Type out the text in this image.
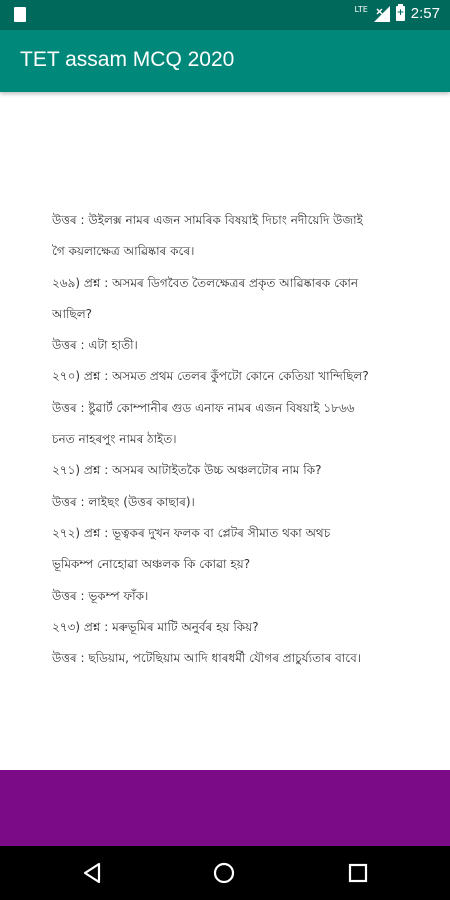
LTE	+ 2:57
TET assam MCQ 2020

উত্তৰ : উইলক্স নামৰ এজন সামৰিক বিষয়াই দিচাং নদীয়েদি উজাই

গৈ কয়লাক্ষেত্ৰ আৱিষ্কাৰ কৰে।

২৬৯) প্ৰশ্ন : অসমৰ ডিগবৈত তৈলক্ষেত্ৰৰ প্ৰকৃত আৱিষ্কাৰক কোন

আছিল?

উত্তৰ : এটা হাতী।

২৭০) প্ৰশ্ন : অসমত প্ৰথম তেলৰ কুঁপটো কোনে কেতিয়া খান্দিছিল?

উত্তৰ : ষ্টুৱাৰ্ট কোম্পানীৰ গুড এনাফ নামৰ এজন বিষয়াই ১৮৬৬

চনত নাহৰপুং নামৰ ঠাইত।

২৭১) প্ৰশ্ন : অসমৰ আটাইতকৈ উচ্চ অঞ্চলটোৰ নাম কি?

উত্তৰ : লাইছং (উত্তৰ কাছাৰ)।

২৭২) প্ৰশ্ন : ভূত্বকৰ দুখন ফলক বা প্লেটৰ সীমাত থকা অথচ

ভূমিকম্প নোহোৱা অঞ্চলক কি কোৱা হয়?

উত্তৰ : ভূকম্প ফাঁক।

২৭৩) প্ৰশ্ন : মৰুভূমিৰ মাটি অনুৰ্বৰ হয় কিয়?

উত্তৰ : ছডিয়াম, পটেছিয়াম আদি ধাৰধৰ্মী যৌগৰ প্ৰাচুৰ্য্যতাৰ বাবে।
